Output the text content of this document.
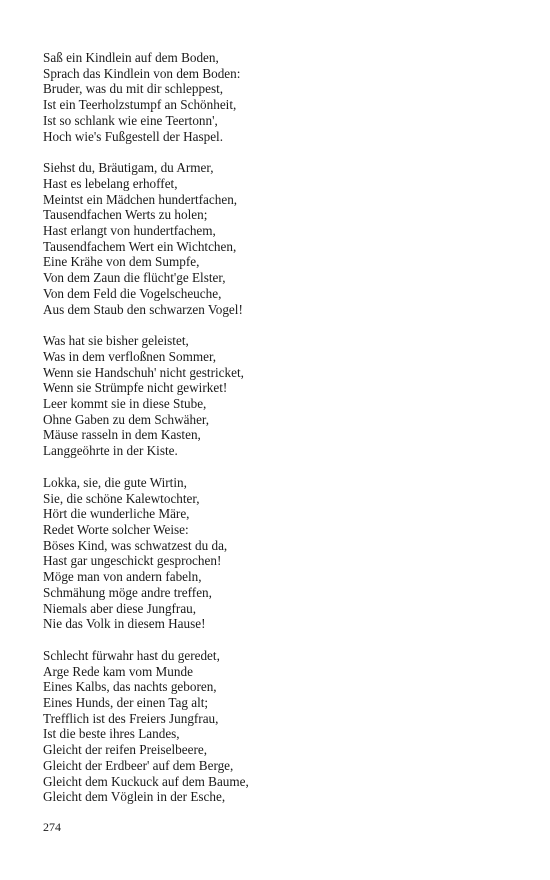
Saß ein Kindlein auf dem Boden,

Sprach das Kindlein von dem Boden:

Bruder, was du mit dir schleppest,

Ist ein Teerholzstumpf an Schönheit,

Ist so schlank wie eine Teertonn',

Hoch wie's Fußgestell der Haspel.

Siehst du, Bräutigam, du Armer,

Hast es lebelang erhoffet,

Meintst ein Mädchen hundertfachen,

Tausendfachen Werts zu holen;

Hast erlangt von hundertfachem,

Tausendfachem Wert ein Wichtchen,

Eine Krähe von dem Sumpfe,

Von dem Zaun die flücht'ge Elster,

Von dem Feld die Vogelscheuche,

Aus dem Staub den schwarzen Vogel!

Was hat sie bisher geleistet,

Was in dem verfloßnen Sommer,

Wenn sie Handschuh' nicht gestricket,

Wenn sie Strümpfe nicht gewirket!

Leer kommt sie in diese Stube,

Ohne Gaben zu dem Schwäher,

Mäuse rasseln in dem Kasten,

Langgeöhrte in der Kiste.

Lokka, sie, die gute Wirtin,

Sie, die schöne Kalewtochter,

Hört die wunderliche Märe,

Redet Worte solcher Weise:

Böses Kind, was schwatzest du da,

Hast gar ungeschickt gesprochen!

Möge man von andern fabeln,

Schmähung möge andre treffen,

Niemals aber diese Jungfrau,

Nie das Volk in diesem Hause!

Schlecht fürwahr hast du geredet,

Arge Rede kam vom Munde

Eines Kalbs, das nachts geboren,

Eines Hunds, der einen Tag alt;

Trefflich ist des Freiers Jungfrau,

Ist die beste ihres Landes,

Gleicht der reifen Preiselbeere,

Gleicht der Erdbeer' auf dem Berge,

Gleicht dem Kuckuck auf dem Baume,

Gleicht dem Vöglein in der Esche,

274
